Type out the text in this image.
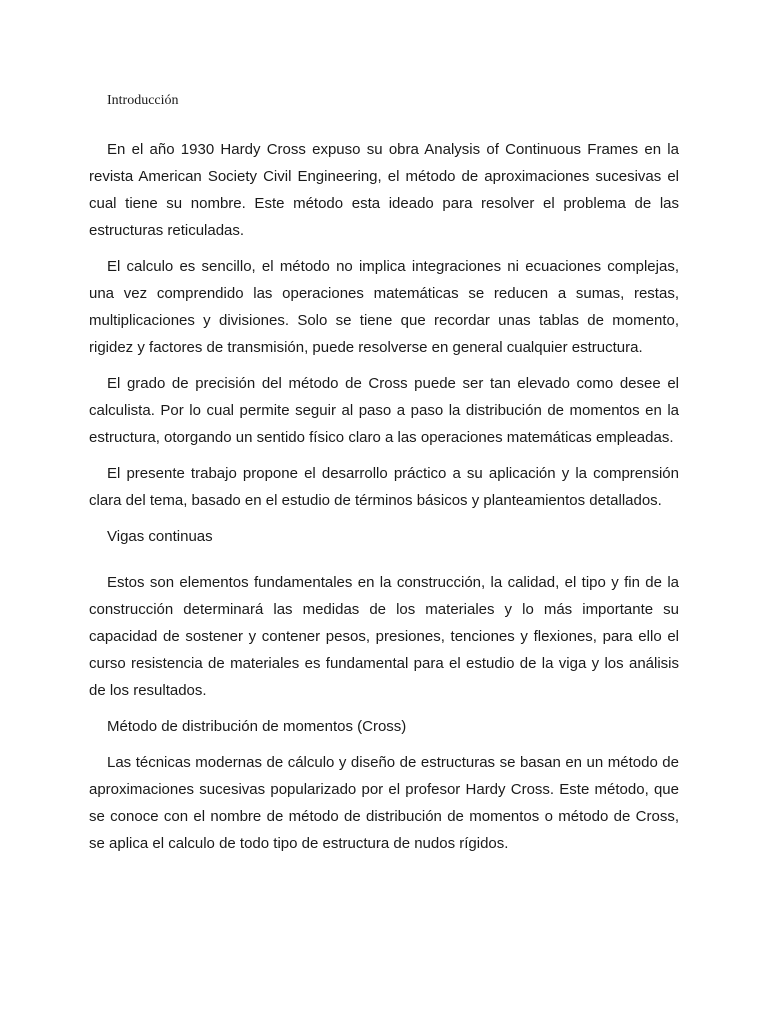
Introducción

En el año 1930 Hardy Cross expuso su obra Analysis of Continuous Frames en la revista American Society Civil Engineering, el método de aproximaciones sucesivas el cual tiene su nombre. Este método esta ideado para resolver el problema de las estructuras reticuladas.

El calculo es sencillo, el método no implica integraciones ni ecuaciones complejas, una vez comprendido las operaciones matemáticas se reducen a sumas, restas, multiplicaciones y divisiones. Solo se tiene que recordar unas tablas de momento, rigidez y factores de transmisión, puede resolverse en general cualquier estructura.

El grado de precisión del método de Cross puede ser tan elevado como desee el calculista. Por lo cual permite seguir al paso a paso la distribución de momentos en la estructura, otorgando un sentido físico claro a las operaciones matemáticas empleadas.

El presente trabajo propone el desarrollo práctico a su aplicación y la comprensión clara del tema, basado en el estudio de términos básicos y planteamientos detallados.

Vigas continuas

Estos son elementos fundamentales en la construcción, la calidad, el tipo y fin de la construcción determinará las medidas de los materiales y lo más importante su capacidad de sostener y contener pesos, presiones, tenciones y flexiones, para ello el curso resistencia de materiales es fundamental para el estudio de la viga y los análisis de los resultados.

Método de distribución de momentos (Cross)

Las técnicas modernas de cálculo y diseño de estructuras se basan en un método de aproximaciones sucesivas popularizado por el profesor Hardy Cross. Este método, que se conoce con el nombre de método de distribución de momentos o método de Cross, se aplica el calculo de todo tipo de estructura de nudos rígidos.
